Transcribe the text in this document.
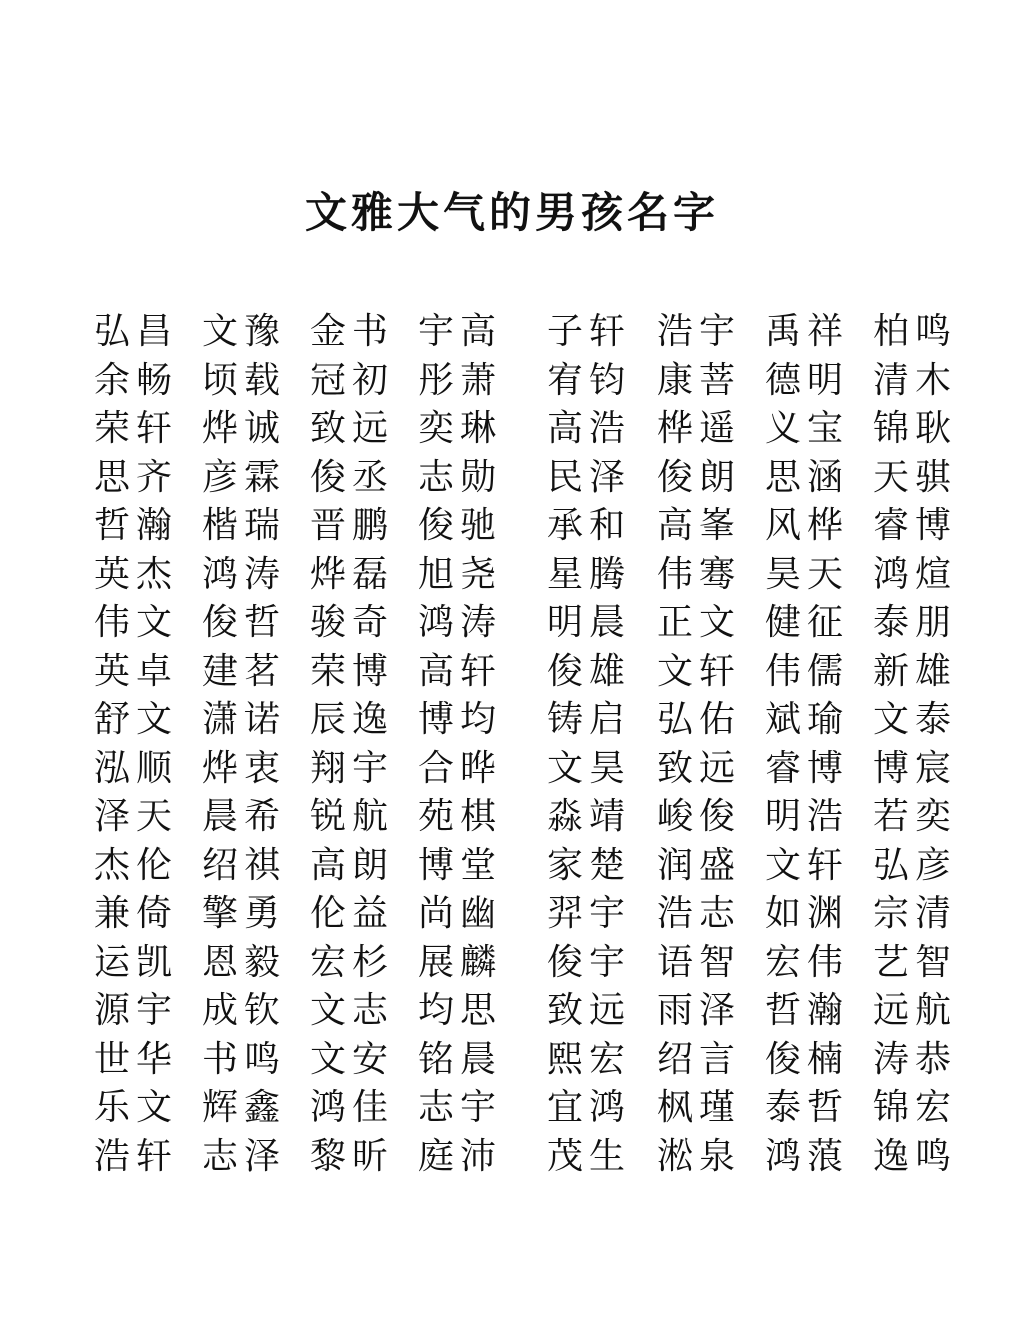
文雅大气的男孩名字
弘昌 文豫 金书 宇高 子轩 浩宇 禹祥 柏鸣
余畅 顷载 冠初 彤萧 宥钧 康菩 德明 清木
荣轩 烨诚 致远 奕琳 高浩 桦遥 义宝 锦耿
思齐 彦霖 俊丞 志勋 民泽 俊朗 思涵 天骐
哲瀚 楷瑞 晋鹏 俊驰 承和 高峯 风桦 睿博
英杰 鸿涛 烨磊 旭尧 星腾 伟骞 昊天 鸿煊
伟文 俊哲 骏奇 鸿涛 明晨 正文 健征 泰朋
英卓 建茗 荣博 高轩 俊雄 文轩 伟儒 新雄
舒文 潇诺 辰逸 博均 铸启 弘佑 斌瑜 文泰
泓顺 烨衷 翔宇 合晔 文昊 致远 睿博 博宸
泽天 晨希 锐航 苑棋 淼靖 峻俊 明浩 若奕
杰伦 绍祺 高朗 博堂 家楚 润盛 文轩 弘彦
兼倚 擎勇 伦益 尚幽 羿宇 浩志 如渊 宗清
运凯 恩毅 宏杉 展麟 俊宇 语智 宏伟 艺智
源宇 成钦 文志 均思 致远 雨泽 哲瀚 远航
世华 书鸣 文安 铭晨 熙宏 绍言 俊楠 涛恭
乐文 辉鑫 鸿佳 志宇 宜鸿 枫瑾 泰哲 锦宏
浩轩 志泽 黎昕 庭沛 茂生 淞泉 鸿蒗 逸鸣
